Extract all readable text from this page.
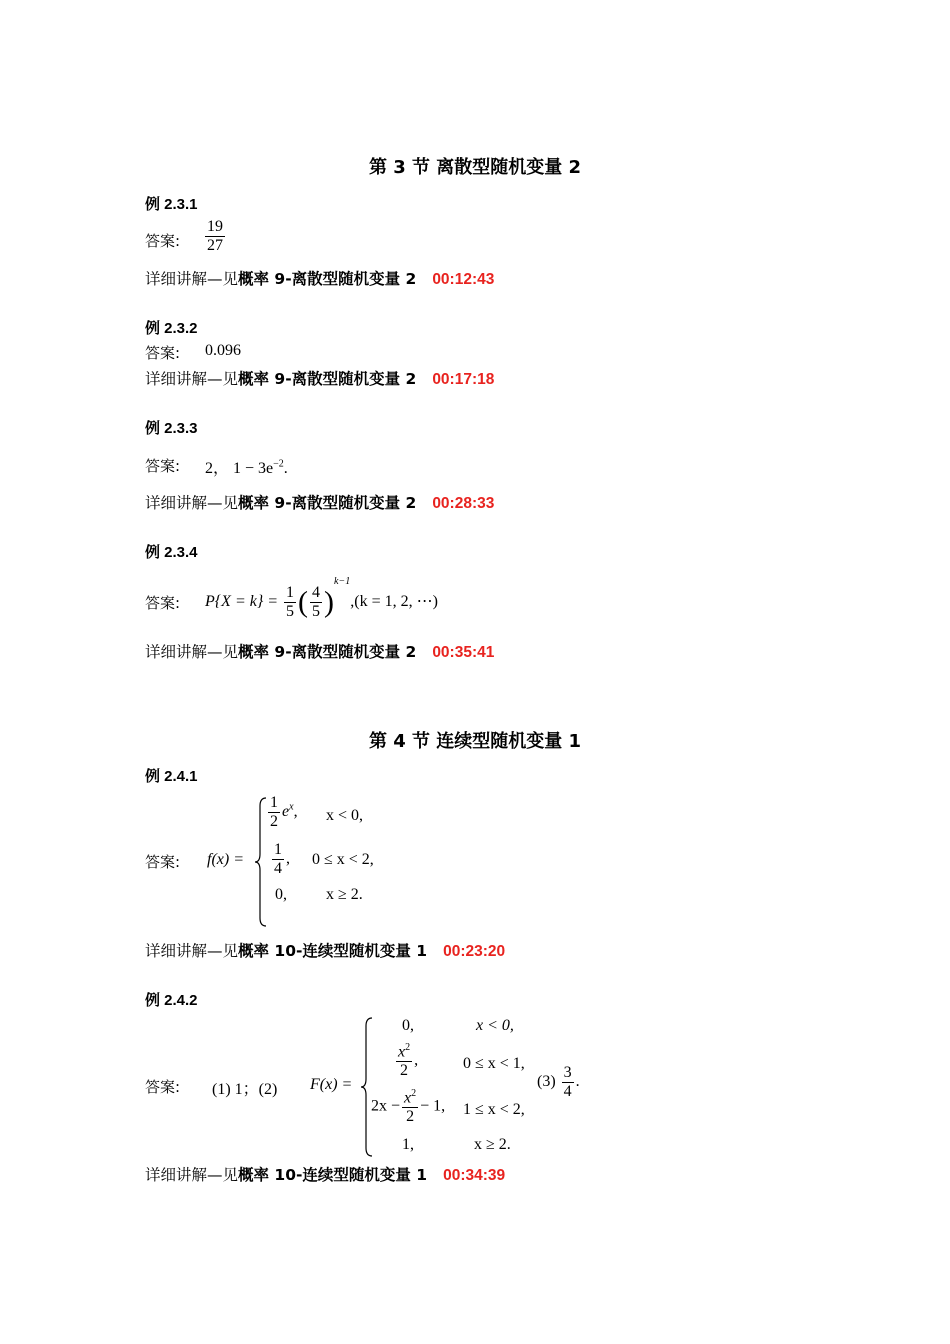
第 3 节 离散型随机变量 2
例 2.3.1
答案: $\frac{19}{27}$
详细讲解—见概率 9-离散型随机变量 2 00:12:43
例 2.3.2
答案: 0.096
详细讲解—见概率 9-离散型随机变量 2 00:17:18
例 2.3.3
答案: 2， $1 - 3e^{-2}$.
详细讲解—见概率 9-离散型随机变量 2 00:28:33
例 2.3.4
答案: $P\{X = k\} = \frac{1}{5}$ ( $\frac{4}{5} )^{k-1},(k = 1$, 2, ⋯)
详细讲解—见概率 9-离散型随机变量 2 00:35:41
第 4 节 连续型随机变量 1
例 2.4.1
答案: f(x) =
$\frac{1}{2} e^x$, x < 0,
$\frac{1}{4}$ , 0 ≤ x < 2,
0, x ≥ 2.
详细讲解—见概率 10-连续型随机变量 1 00:23:20
例 2.4.2
答案: (1) 1；(2) F(x) =
0,	x < 0,
$\frac{x^2}{2}$ ,	0 ≤ x < 1,
$2x - \frac{x^2}{2} - 1$, 1 ≤ x < 2,
1,	x ≥ 2.
$(3) \frac{3}{4}$ .
详细讲解—见概率 10-连续型随机变量 1 00:34:39
